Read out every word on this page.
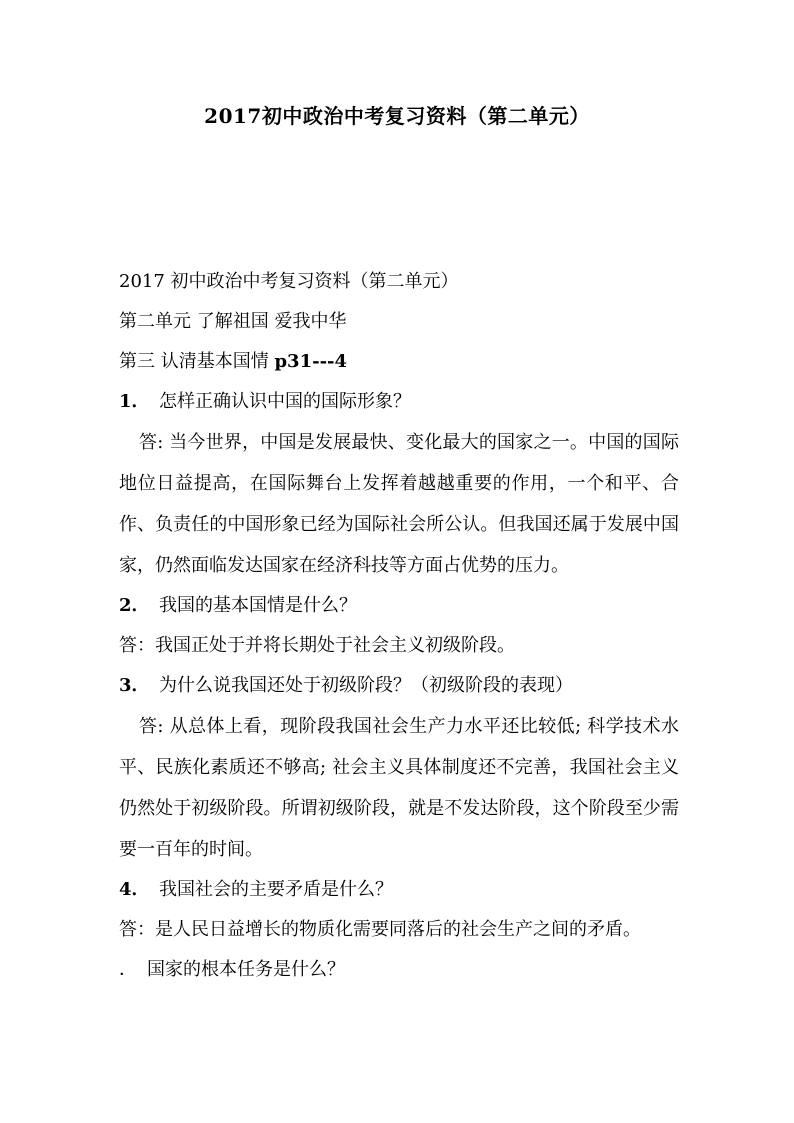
2017初中政治中考复习资料（第二单元）

2017 初中政治中考复习资料（第二单元）

第二单元 了解祖国 爱我中华

第三 认清基本国情 p31---4

1． 怎样正确认识中国的国际形象？

答: 当今世界，中国是发展最快、变化最大的国家之一。中国的国际地位日益提高，在国际舞台上发挥着越越重要的作用，一个和平、合作、负责任的中国形象已经为国际社会所公认。但我国还属于发展中国家，仍然面临发达国家在经济科技等方面占优势的压力。

2． 我国的基本国情是什么？

答：我国正处于并将长期处于社会主义初级阶段。

3． 为什么说我国还处于初级阶段？（初级阶段的表现）

答: 从总体上看，现阶段我国社会生产力水平还比较低; 科学技术水平、民族化素质还不够高; 社会主义具体制度还不完善，我国社会主义仍然处于初级阶段。所谓初级阶段，就是不发达阶段，这个阶段至少需要一百年的时间。

4． 我国社会的主要矛盾是什么？

答：是人民日益增长的物质化需要同落后的社会生产之间的矛盾。

． 国家的根本任务是什么？
